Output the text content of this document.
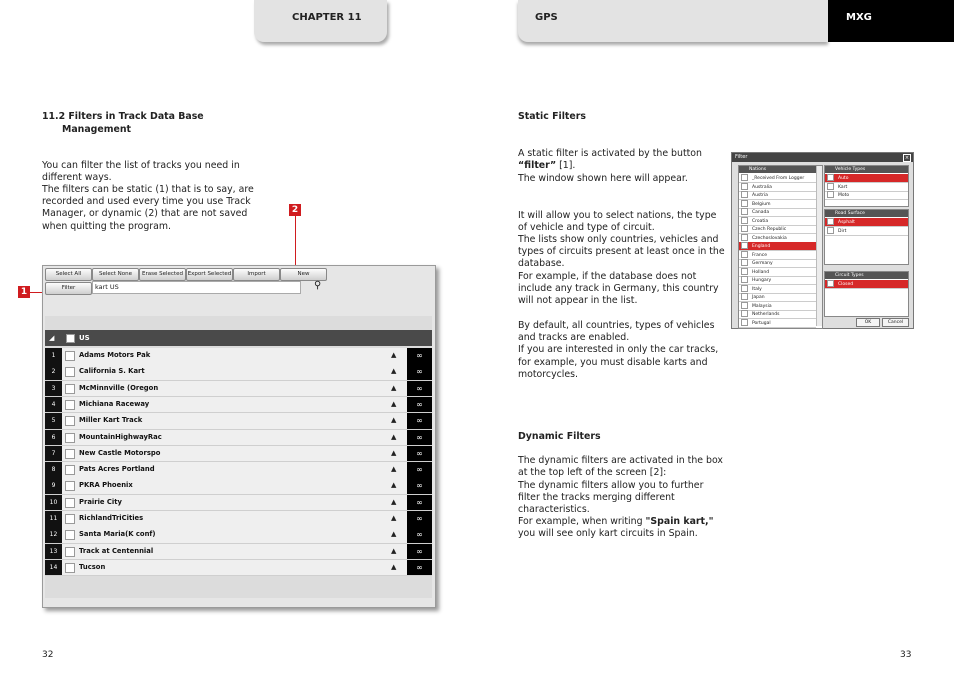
CHAPTER 11	GPS	MXG
11.2 Filters in Track Data Base
Management
You can filter the list of tracks you need in
different ways.
The filters can be static (1) that is to say, are
recorded and used every time you use Track
Manager, or dynamic (2) that are not saved
when quitting the program.
2
1
Select All	Select None	Erase Selected Export Selected	Import	New
Filter	kart US	⚲
◢	US
1	Adams Motors Pak	▲	∞
2	California S. Kart	▲	∞
3	McMinnville (Oregon	▲	∞
4	Michiana Raceway	▲	∞
5	Miller Kart Track	▲	∞
6	MountainHighwayRac	▲	∞
7	New Castle Motorspo	▲	∞
8	Pats Acres Portland	▲	∞
9	PKRA Phoenix	▲	∞
10	Prairie City	▲	∞
11	RichlandTriCities	▲	∞
12	Santa Maria(K conf)	▲	∞
13	Track at Centennial	▲	∞
14	Tucson	▲	∞
Static Filters
A static filter is activated by the button
“filter” [1].
The window shown here will appear.
It will allow you to select nations, the type
of vehicle and type of circuit.
The lists show only countries, vehicles and
types of circuits present at least once in the
database.
For example, if the database does not
include any track in Germany, this country
will not appear in the list.
By default, all countries, types of vehicles
and tracks are enabled.
If you are interested in only the car tracks,
for example, you must disable karts and
motorcycles.
Dynamic Filters
The dynamic filters are activated in the box
at the top left of the screen [2]:
The dynamic filters allow you to further
filter the tracks merging different
characteristics.
For example, when writing "Spain kart,"
you will see only kart circuits in Spain.
Filter	×
Nations
_Received From Logger
Australia
Austria
Belgium
Canada
Croatia
Czech Republic
Czechoslovakia
England
France
Germany
Holland
Hungary
Italy
Japan
Malaysia
Netherlands
Portugal
Vehicle Types
Auto
Kart
Moto
Road Surface
Asphalt
Dirt
Circuit Types
Closed
OK	Cancel
32	33
